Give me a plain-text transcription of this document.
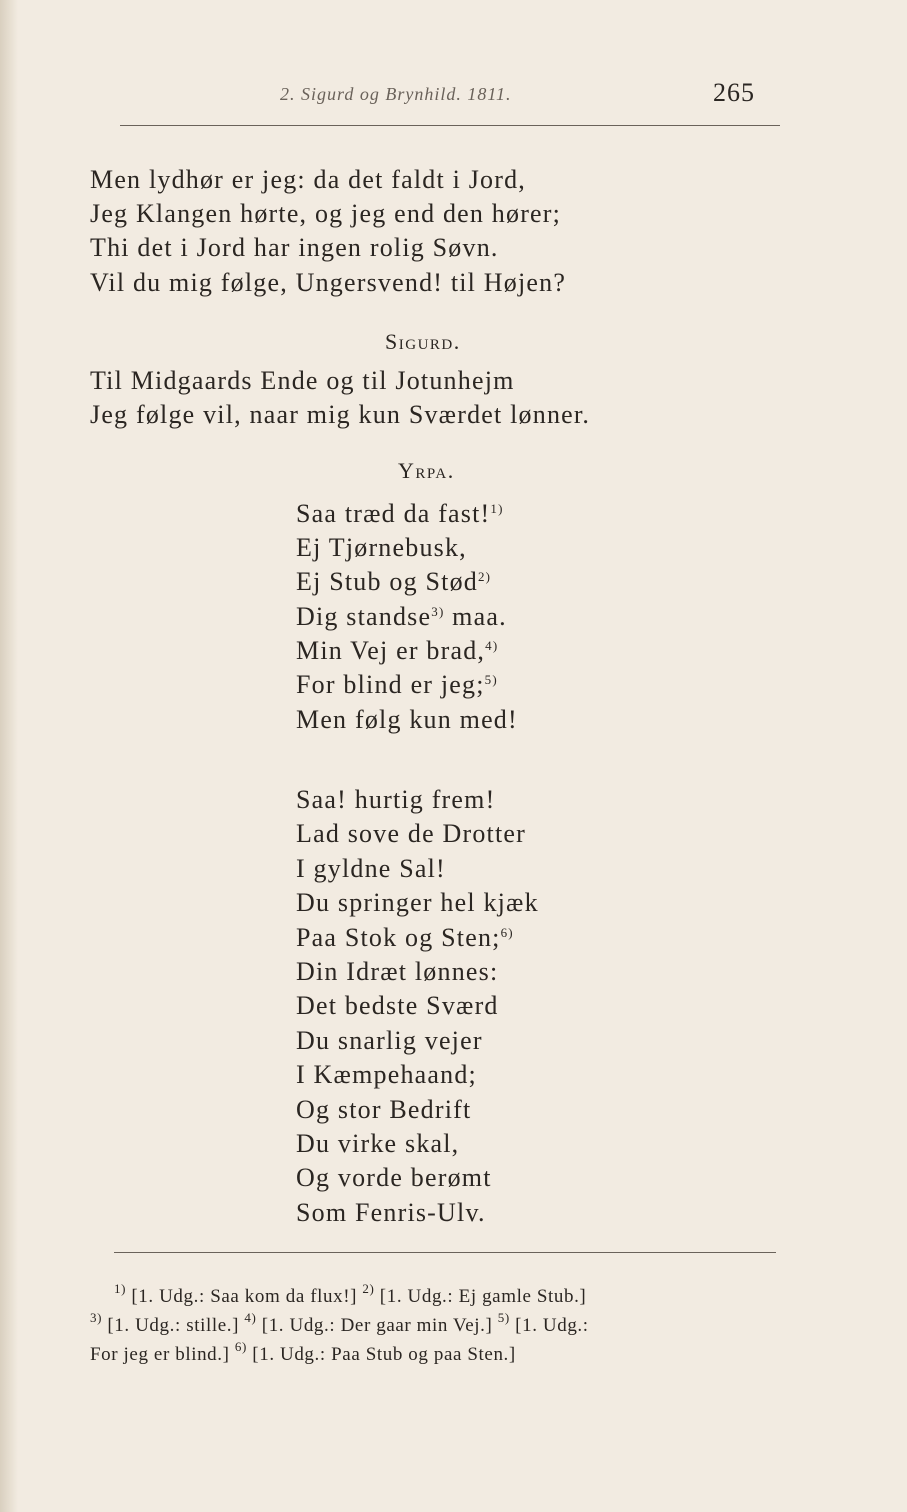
2. Sigurd og Brynhild. 1811.	265
Men lydhør er jeg: da det faldt i Jord,
Jeg Klangen hørte, og jeg end den hører;
Thi det i Jord har ingen rolig Søvn.
Vil du mig følge, Ungersvend! til Højen?
Sigurd.
Til Midgaards Ende og til Jotunhejm
Jeg følge vil, naar mig kun Sværdet lønner.
Yrpa.
Saa træd da fast!$^{1)}$
Ej Tjørnebusk,
Ej Stub og Stød$^{2)}$
Dig standse$^{3)}$ maa.
Min Vej er brad,$^{4)}$
For blind er jeg;$^{5)}$
Men følg kun med!
Saa! hurtig frem!
Lad sove de Drotter
I gyldne Sal!
Du springer hel kjæk
Paa Stok og Sten;$^{6)}$
Din Idræt lønnes:
Det bedste Sværd
Du snarlig vejer
I Kæmpehaand;
Og stor Bedrift
Du virke skal,
Og vorde berømt
Som Fenris-Ulv.
$^{1)}$ [1. Udg.: Saa kom da flux!] $^{2)}$ [1. Udg.: Ej gamle Stub.]
$^{3)}$ [1. Udg.: stille.] $^{4)}$ [1. Udg.: Der gaar min Vej.] $^{5)}$ [1. Udg.:
For jeg er blind.] $^{6)}$ [1. Udg.: Paa Stub og paa Sten.]
